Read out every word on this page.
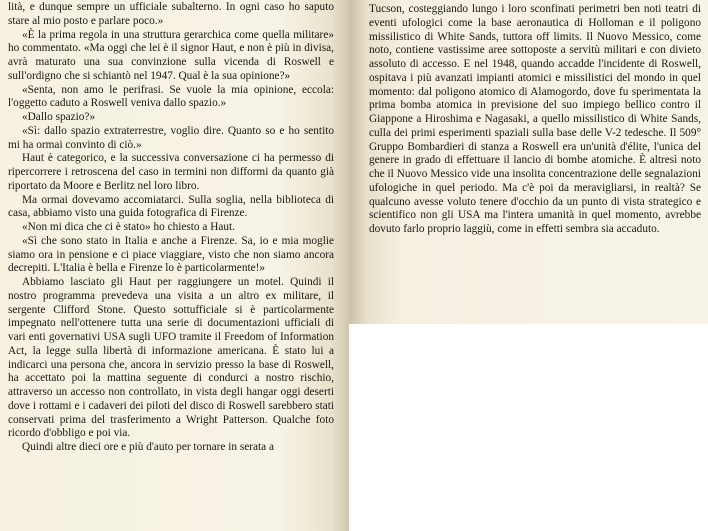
lità, e dunque sempre un ufficiale subalterno. In ogni caso ho saputo stare al mio posto e parlare poco.»

«È la prima regola in una struttura gerarchica come quella militare» ho commentato. «Ma oggi che lei è il signor Haut, e non è più in divisa, avrà maturato una sua convinzione sulla vicenda di Roswell e sull'ordigno che si schiantò nel 1947. Qual è la sua opinione?»

«Senta, non amo le perifrasi. Se vuole la mia opinione, eccola: l'oggetto caduto a Roswell veniva dallo spazio.»

«Dallo spazio?»

«Sì: dallo spazio extraterrestre, voglio dire. Quanto so e ho sentito mi ha ormai convinto di ciò.»

Haut è categorico, e la successiva conversazione ci ha permesso di ripercorrere i retroscena del caso in termini non difformi da quanto già riportato da Moore e Berlitz nel loro libro.

Ma ormai dovevamo accomiatarci. Sulla soglia, nella biblioteca di casa, abbiamo visto una guida fotografica di Firenze.

«Non mi dica che ci è stato» ho chiesto a Haut.

«Sì che sono stato in Italia e anche a Firenze. Sa, io e mia moglie siamo ora in pensione e ci piace viaggiare, visto che non siamo ancora decrepiti. L'Italia è bella e Firenze lo è particolarmente!»

Abbiamo lasciato gli Haut per raggiungere un motel. Quindi il nostro programma prevedeva una visita a un altro ex militare, il sergente Clifford Stone. Questo sottufficiale si è particolarmente impegnato nell'ottenere tutta una serie di documentazioni ufficiali di vari enti governativi USA sugli UFO tramite il Freedom of Information Act, la legge sulla libertà di informazione americana. È stato lui a indicarci una persona che, ancora in servizio presso la base di Roswell, ha accettato poi la mattina seguente di condurci a nostro rischio, attraverso un accesso non controllato, in vista degli hangar oggi deserti dove i rottami e i cadaveri dei piloti del disco di Roswell sarebbero stati conservati prima del trasferimento a Wright Patterson. Qualche foto ricordo d'obbligo e poi via.

Quindi altre dieci ore e più d'auto per tornare in serata a

Tucson, costeggiando lungo i loro sconfinati perimetri ben noti teatri di eventi ufologici come la base aeronautica di Holloman e il poligono missilistico di White Sands, tuttora off limits. Il Nuovo Messico, come noto, contiene vastissime aree sottoposte a servitù militari e con divieto assoluto di accesso. E nel 1948, quando accadde l'incidente di Roswell, ospitava i più avanzati impianti atomici e missilistici del mondo in quel momento: dal poligono atomico di Alamogordo, dove fu sperimentata la prima bomba atomica in previsione del suo impiego bellico contro il Giappone a Hiroshima e Nagasaki, a quello missilistico di White Sands, culla dei primi esperimenti spaziali sulla base delle V-2 tedesche. Il 509° Gruppo Bombardieri di stanza a Roswell era un'unità d'élite, l'unica del genere in grado di effettuare il lancio di bombe atomiche. È altresì noto che il Nuovo Messico vide una insolita concentrazione delle segnalazioni ufologiche in quel periodo. Ma c'è poi da meravigliarsi, in realtà? Se qualcuno avesse voluto tenere d'occhio da un punto di vista strategico e scientifico non gli USA ma l'intera umanità in quel momento, avrebbe dovuto farlo proprio laggiù, come in effetti sembra sia accaduto.
